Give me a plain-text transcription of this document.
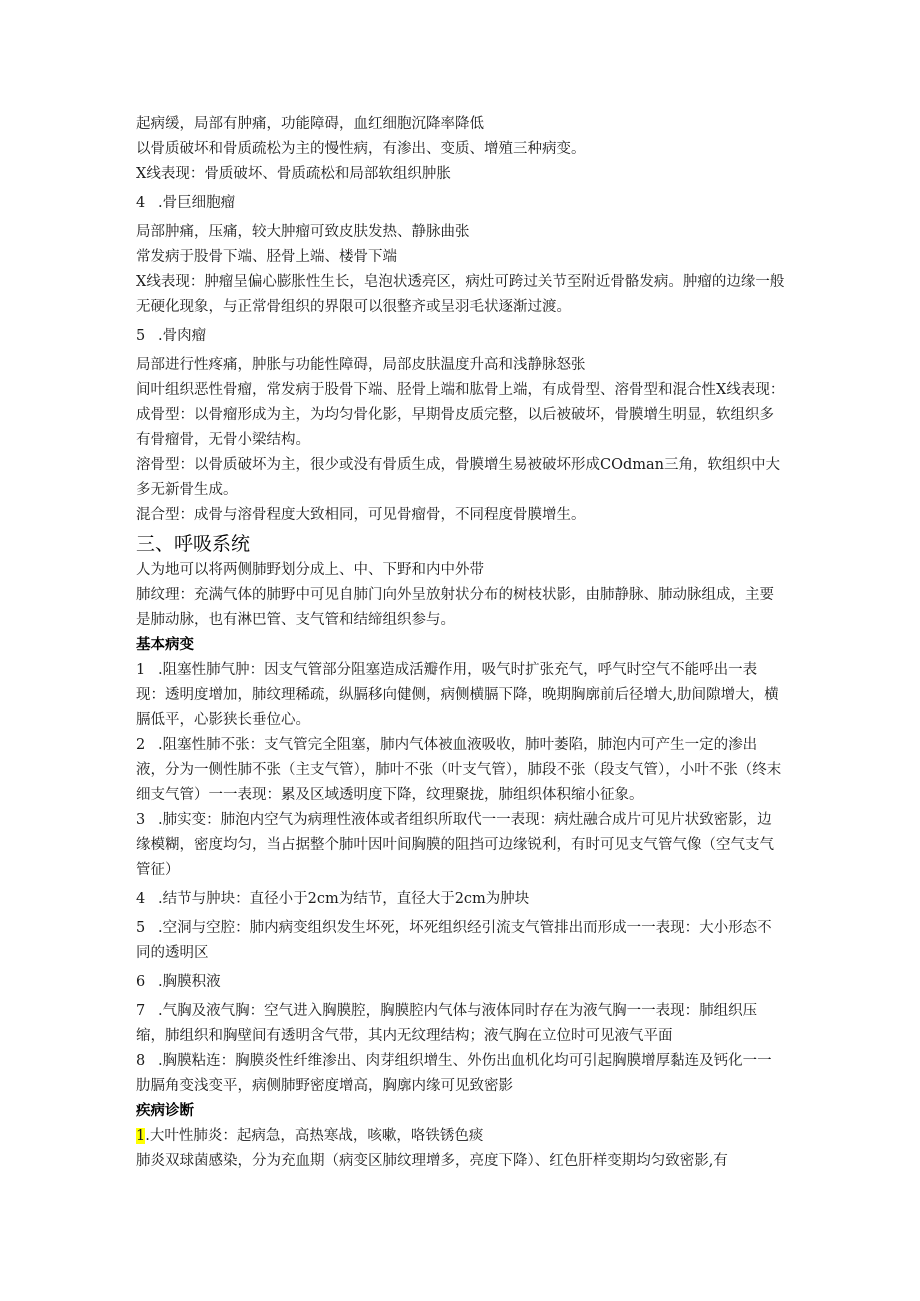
起病缓，局部有肿痛，功能障碍，血红细胞沉降率降低

以骨质破坏和骨质疏松为主的慢性病，有渗出、变质、增殖三种病变。

X线表现：骨质破坏、骨质疏松和局部软组织肿胀

4 .骨巨细胞瘤

局部肿痛，压痛，较大肿瘤可致皮肤发热、静脉曲张

常发病于股骨下端、胫骨上端、楼骨下端

X线表现：肿瘤呈偏心膨胀性生长，皂泡状透亮区，病灶可跨过关节至附近骨骼发病。肿瘤的边缘一般无硬化现象，与正常骨组织的界限可以很整齐或呈羽毛状逐渐过渡。

5 .骨肉瘤

局部进行性疼痛，肿胀与功能性障碍，局部皮肤温度升高和浅静脉怒张

间叶组织恶性骨瘤，常发病于股骨下端、胫骨上端和肱骨上端，有成骨型、溶骨型和混合性X线表现：

成骨型：以骨瘤形成为主，为均匀骨化影，早期骨皮质完整，以后被破坏，骨膜增生明显，软组织多有骨瘤骨，无骨小梁结构。

溶骨型：以骨质破坏为主，很少或没有骨质生成，骨膜增生易被破坏形成COdman三角，软组织中大多无新骨生成。

混合型：成骨与溶骨程度大致相同，可见骨瘤骨，不同程度骨膜增生。

三、呼吸系统

人为地可以将两侧肺野划分成上、中、下野和内中外带

肺纹理：充满气体的肺野中可见自肺门向外呈放射状分布的树枝状影，由肺静脉、肺动脉组成，主要是肺动脉，也有淋巴管、支气管和结缔组织参与。

基本病变

1 .阻塞性肺气肿：因支气管部分阻塞造成活瓣作用，吸气时扩张充气，呼气时空气不能呼出一表现：透明度增加，肺纹理稀疏，纵膈移向健侧，病侧横膈下降，晚期胸廓前后径增大,肋间隙增大，横膈低平，心影狭长垂位心。

2 .阻塞性肺不张：支气管完全阻塞，肺内气体被血液吸收，肺叶萎陷，肺泡内可产生一定的渗出液，分为一侧性肺不张（主支气管），肺叶不张（叶支气管），肺段不张（段支气管），小叶不张（终末细支气管）一一表现：累及区域透明度下降，纹理聚拢，肺组织体积缩小征象。

3 .肺实变：肺泡内空气为病理性液体或者组织所取代一一表现：病灶融合成片可见片状致密影，边缘模糊，密度均匀，当占据整个肺叶因叶间胸膜的阻挡可边缘锐利，有时可见支气管气像（空气支气管征）

4 .结节与肿块：直径小于2cm为结节，直径大于2cm为肿块

5 .空洞与空腔：肺内病变组织发生坏死，坏死组织经引流支气管排出而形成一一表现：大小形态不同的透明区

6 .胸膜积液

7 .气胸及液气胸：空气进入胸膜腔，胸膜腔内气体与液体同时存在为液气胸一一表现：肺组织压缩，肺组织和胸壁间有透明含气带，其内无纹理结构；液气胸在立位时可见液气平面

8 .胸膜粘连：胸膜炎性纤维渗出、肉芽组织增生、外伤出血机化均可引起胸膜增厚黏连及钙化一一肋膈角变浅变平，病侧肺野密度增高，胸廓内缘可见致密影

疾病诊断

1.大叶性肺炎：起病急，高热寒战，咳嗽，咯铁锈色痰

肺炎双球菌感染，分为充血期（病变区肺纹理增多，亮度下降）、红色肝样变期均匀致密影,有
